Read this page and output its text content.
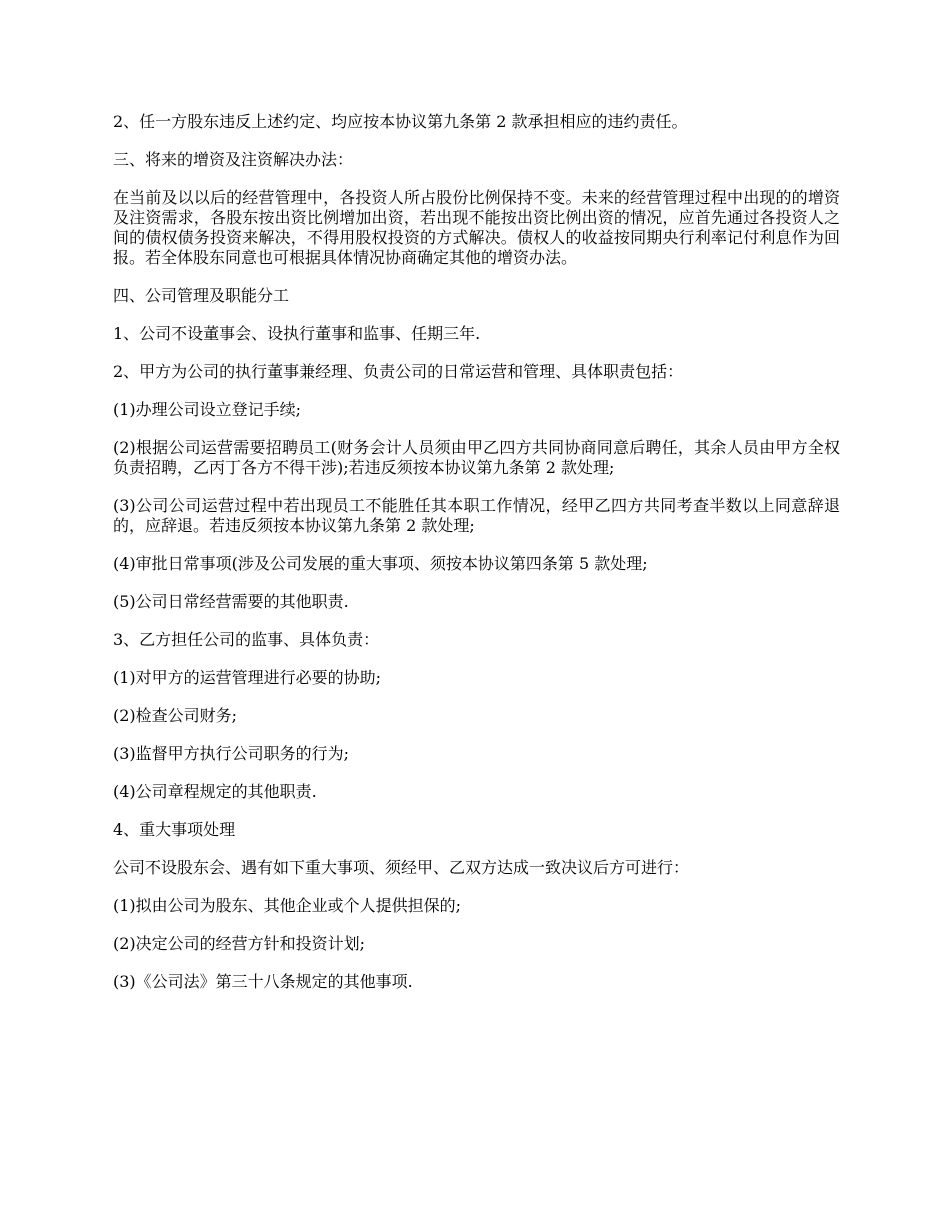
2、任一方股东违反上述约定、均应按本协议第九条第 2 款承担相应的违约责任。

三、将来的增资及注资解决办法：

在当前及以以后的经营管理中，各投资人所占股份比例保持不变。未来的经营管理过程中出现的的增资及注资需求，各股东按出资比例增加出资，若出现不能按出资比例出资的情况，应首先通过各投资人之间的债权债务投资来解决，不得用股权投资的方式解决。债权人的收益按同期央行利率记付利息作为回报。若全体股东同意也可根据具体情况协商确定其他的增资办法。

四、公司管理及职能分工

1、公司不设董事会、设执行董事和监事、任期三年.

2、甲方为公司的执行董事兼经理、负责公司的日常运营和管理、具体职责包括：

(1)办理公司设立登记手续;

(2)根据公司运营需要招聘员工(财务会计人员须由甲乙四方共同协商同意后聘任，其余人员由甲方全权负责招聘，乙丙丁各方不得干涉);若违反须按本协议第九条第 2 款处理;

(3)公司公司运营过程中若出现员工不能胜任其本职工作情况，经甲乙四方共同考查半数以上同意辞退的，应辞退。若违反须按本协议第九条第 2 款处理;

(4)审批日常事项(涉及公司发展的重大事项、须按本协议第四条第 5 款处理;

(5)公司日常经营需要的其他职责.

3、乙方担任公司的监事、具体负责：

(1)对甲方的运营管理进行必要的协助;

(2)检查公司财务;

(3)监督甲方执行公司职务的行为;

(4)公司章程规定的其他职责.

4、重大事项处理

公司不设股东会、遇有如下重大事项、须经甲、乙双方达成一致决议后方可进行：

(1)拟由公司为股东、其他企业或个人提供担保的;

(2)决定公司的经营方针和投资计划;

(3)《公司法》第三十八条规定的其他事项.
